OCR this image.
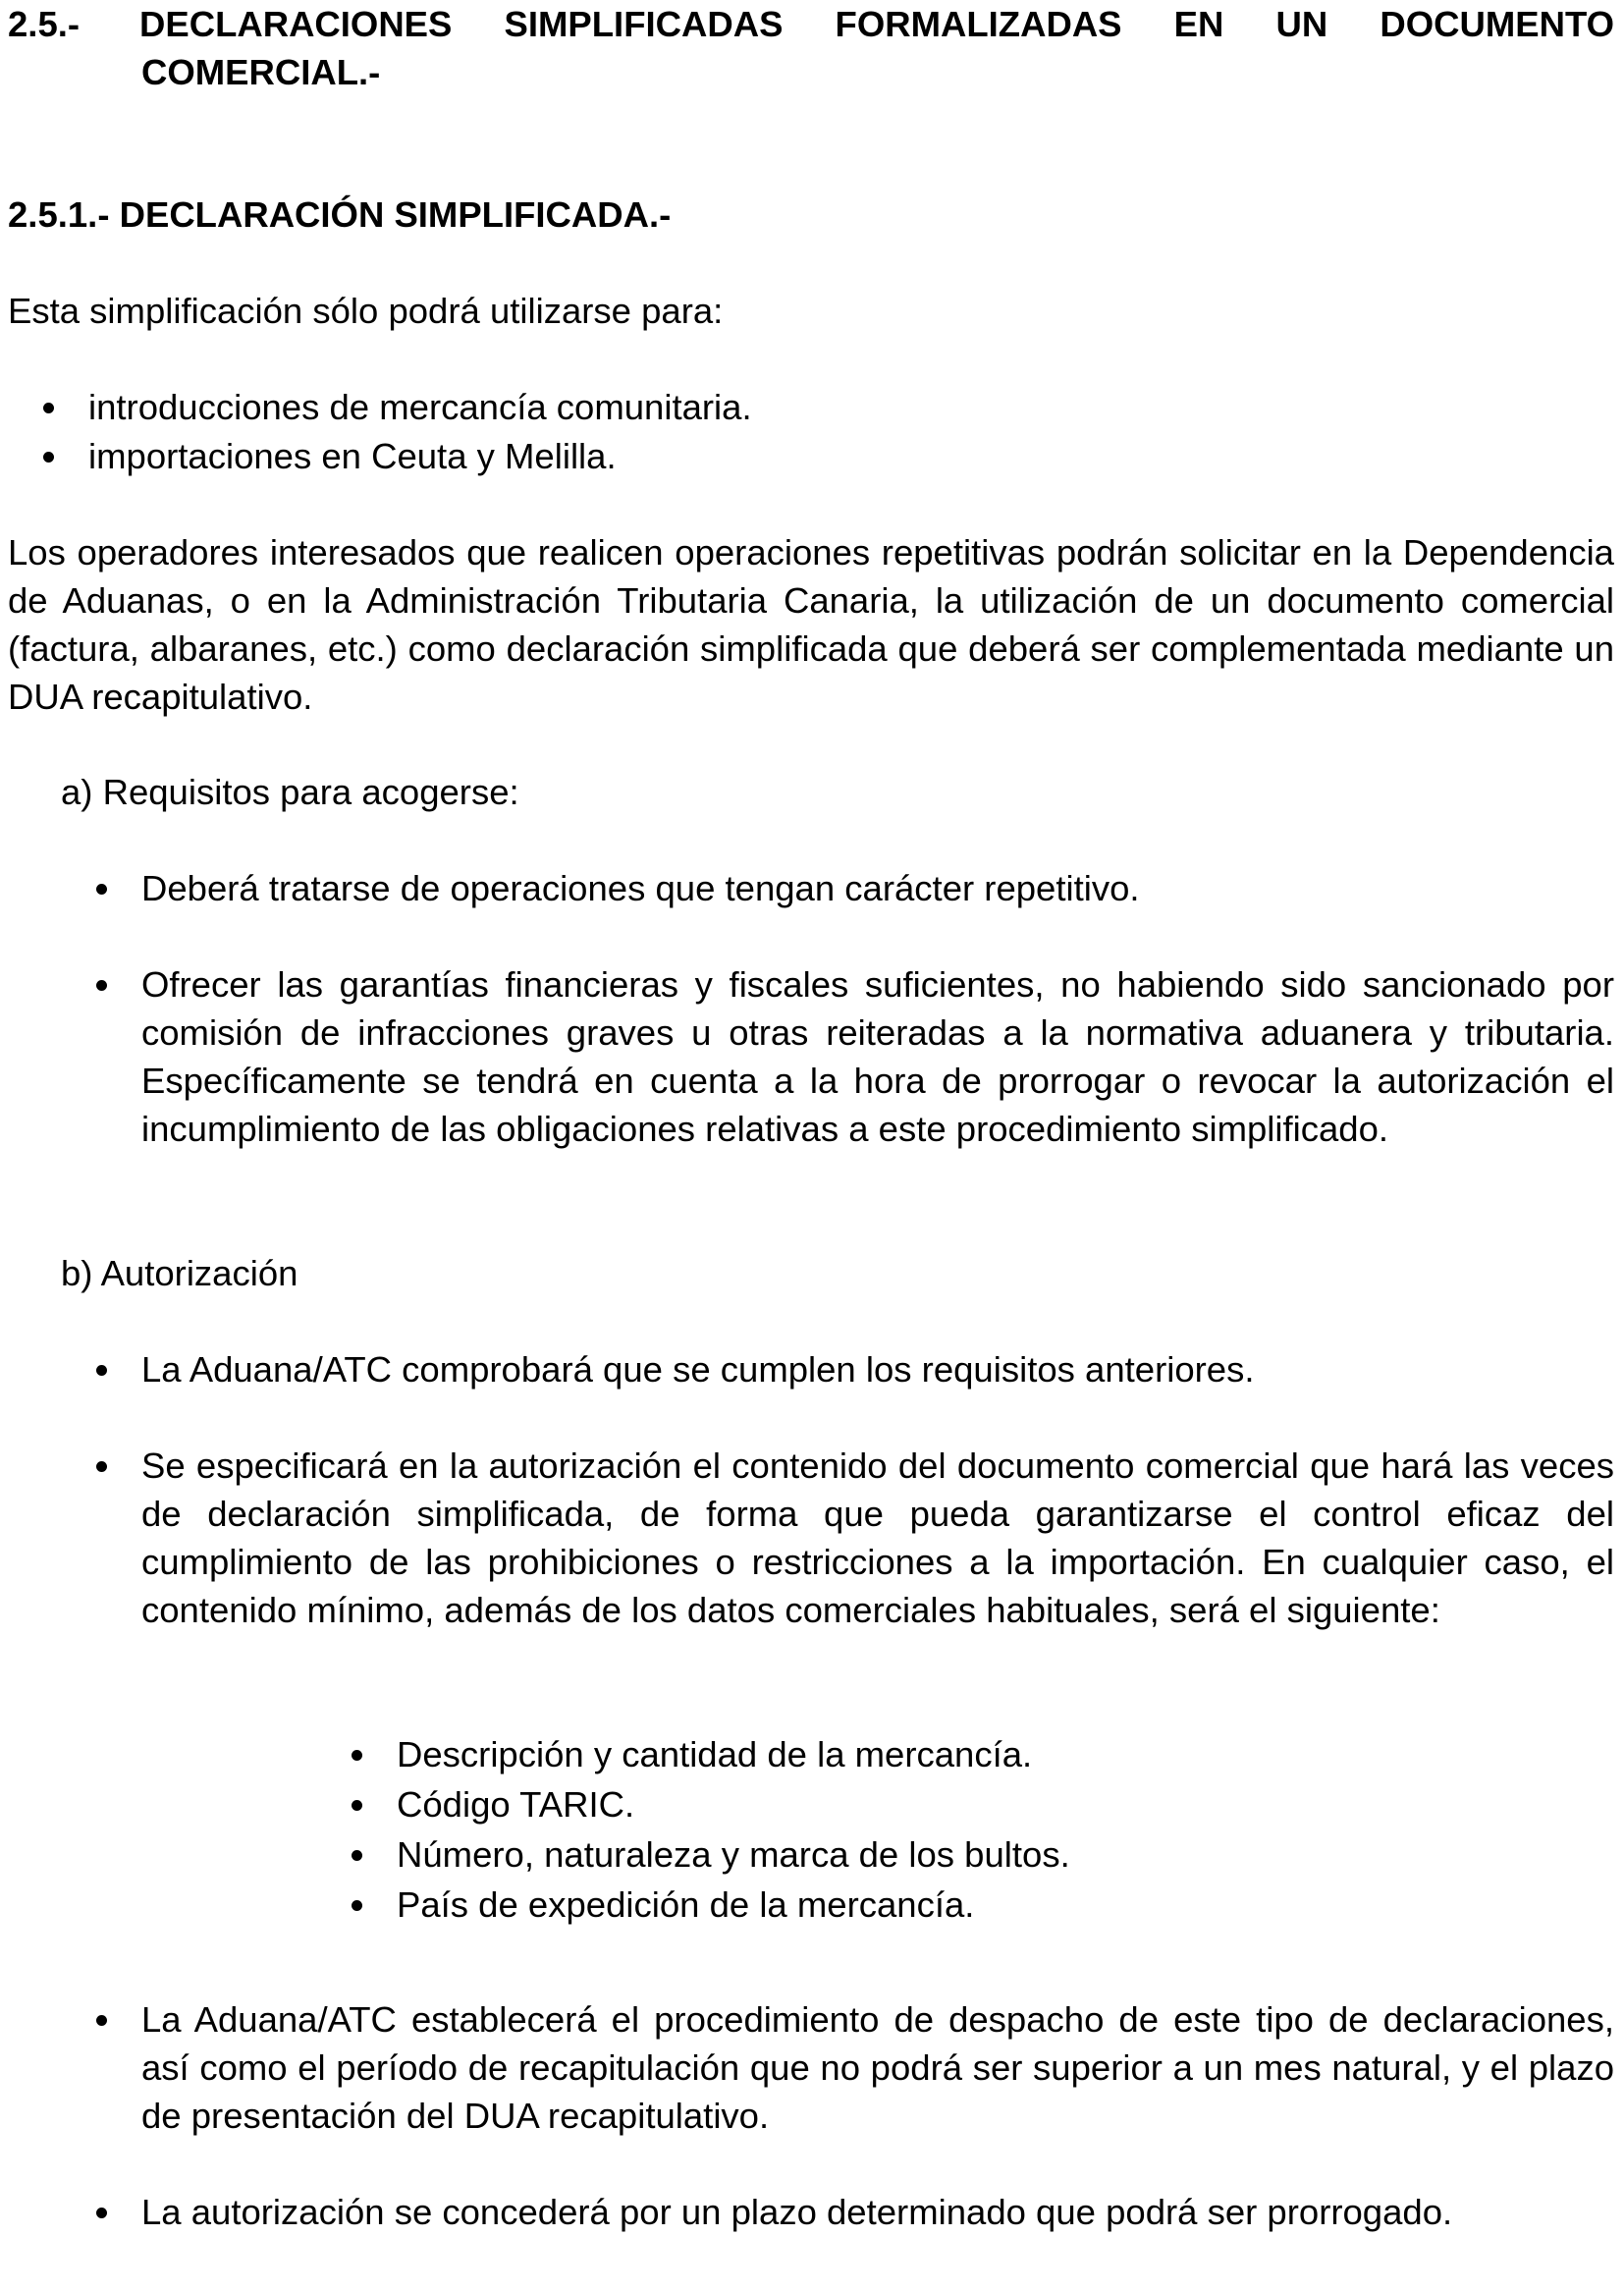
2.5.- DECLARACIONES SIMPLIFICADAS FORMALIZADAS EN UN DOCUMENTO
COMERCIAL.-
2.5.1.- DECLARACIÓN SIMPLIFICADA.-
Esta simplificación sólo podrá utilizarse para:
introducciones de mercancía comunitaria.
importaciones en Ceuta y Melilla.
Los operadores interesados que realicen operaciones repetitivas podrán solicitar en la Dependencia de Aduanas, o en la Administración Tributaria Canaria, la utilización de un documento comercial (factura, albaranes, etc.) como declaración simplificada que deberá ser complementada mediante un DUA recapitulativo.
a) Requisitos para acogerse:
Deberá tratarse de operaciones que tengan carácter repetitivo.
Ofrecer las garantías financieras y fiscales suficientes, no habiendo sido sancionado por comisión de infracciones graves u otras reiteradas a la normativa aduanera y tributaria. Específicamente se tendrá en cuenta a la hora de prorrogar o revocar la autorización el incumplimiento de las obligaciones relativas a este procedimiento simplificado.
b) Autorización
La Aduana/ATC comprobará que se cumplen los requisitos anteriores.
Se especificará en la autorización el contenido del documento comercial que hará las veces de declaración simplificada, de forma que pueda garantizarse el control eficaz del cumplimiento de las prohibiciones o restricciones a la importación. En cualquier caso, el contenido mínimo, además de los datos comerciales habituales, será el siguiente:
Descripción y cantidad de la mercancía.
Código TARIC.
Número, naturaleza y marca de los bultos.
País de expedición de la mercancía.
La Aduana/ATC establecerá el procedimiento de despacho de este tipo de declaraciones, así como el período de recapitulación que no podrá ser superior a un mes natural, y el plazo de presentación del DUA recapitulativo.
La autorización se concederá por un plazo determinado que podrá ser prorrogado.
